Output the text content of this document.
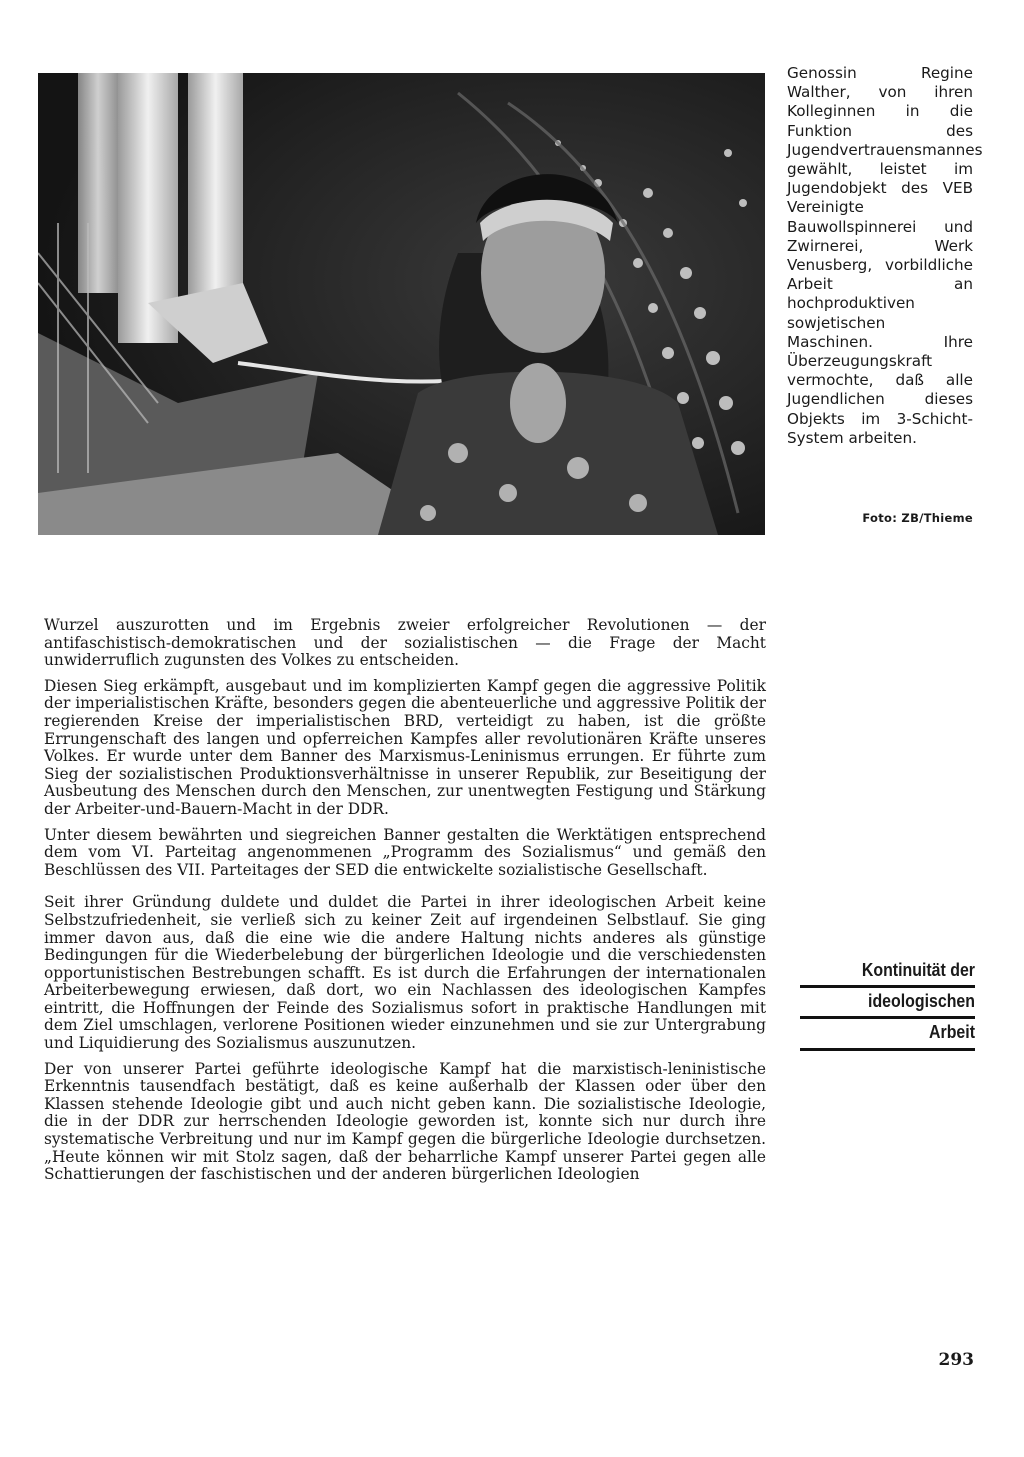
Genossin Regine Walther, von ihren Kolleginnen in die Funktion des Jugendvertrauensmannes gewählt, leistet im Jugendobjekt des VEB Vereinigte Bauwollspinnerei und Zwirnerei, Werk Venusberg, vorbildliche Arbeit an hochproduktiven sowjetischen Maschinen. Ihre Überzeugungskraft vermochte, daß alle Jugendlichen dieses Objekts im 3-Schicht-System arbeiten.

Foto: ZB/Thieme

Wurzel auszurotten und im Ergebnis zweier erfolgreicher Revolutionen — der antifaschistisch-demokratischen und der sozialistischen — die Frage der Macht unwiderruflich zugunsten des Volkes zu entscheiden.

Diesen Sieg erkämpft, ausgebaut und im komplizierten Kampf gegen die aggressive Politik der imperialistischen Kräfte, besonders gegen die abenteuerliche und aggressive Politik der regierenden Kreise der imperialistischen BRD, verteidigt zu haben, ist die größte Errungenschaft des langen und opferreichen Kampfes aller revolutionären Kräfte unseres Volkes. Er wurde unter dem Banner des Marxismus-Leninismus errungen. Er führte zum Sieg der sozialistischen Produktionsverhältnisse in unserer Republik, zur Beseitigung der Ausbeutung des Menschen durch den Menschen, zur unentwegten Festigung und Stärkung der Arbeiter-und-Bauern-Macht in der DDR.

Unter diesem bewährten und siegreichen Banner gestalten die Werktätigen entsprechend dem vom VI. Parteitag angenommenen „Programm des Sozialismus“ und gemäß den Beschlüssen des VII. Parteitages der SED die entwickelte sozialistische Gesellschaft.

Seit ihrer Gründung duldete und duldet die Partei in ihrer ideologischen Arbeit keine Selbstzufriedenheit, sie verließ sich zu keiner Zeit auf irgendeinen Selbstlauf. Sie ging immer davon aus, daß die eine wie die andere Haltung nichts anderes als günstige Bedingungen für die Wiederbelebung der bürgerlichen Ideologie und die verschiedensten opportunistischen Bestrebungen schafft. Es ist durch die Erfahrungen der internationalen Arbeiterbewegung erwiesen, daß dort, wo ein Nachlassen des ideologischen Kampfes eintritt, die Hoffnungen der Feinde des Sozialismus sofort in praktische Handlungen mit dem Ziel umschlagen, verlorene Positionen wieder einzunehmen und sie zur Untergrabung und Liquidierung des Sozialismus auszunutzen.

Der von unserer Partei geführte ideologische Kampf hat die marxistisch-leninistische Erkenntnis tausendfach bestätigt, daß es keine außerhalb der Klassen oder über den Klassen stehende Ideologie gibt und auch nicht geben kann. Die sozialistische Ideologie, die in der DDR zur herrschenden Ideologie geworden ist, konnte sich nur durch ihre systematische Verbreitung und nur im Kampf gegen die bürgerliche Ideologie durchsetzen. „Heute können wir mit Stolz sagen, daß der beharrliche Kampf unserer Partei gegen alle Schattierungen der faschistischen und der anderen bürgerlichen Ideologien

Kontinuität der
ideologischen
Arbeit

293
